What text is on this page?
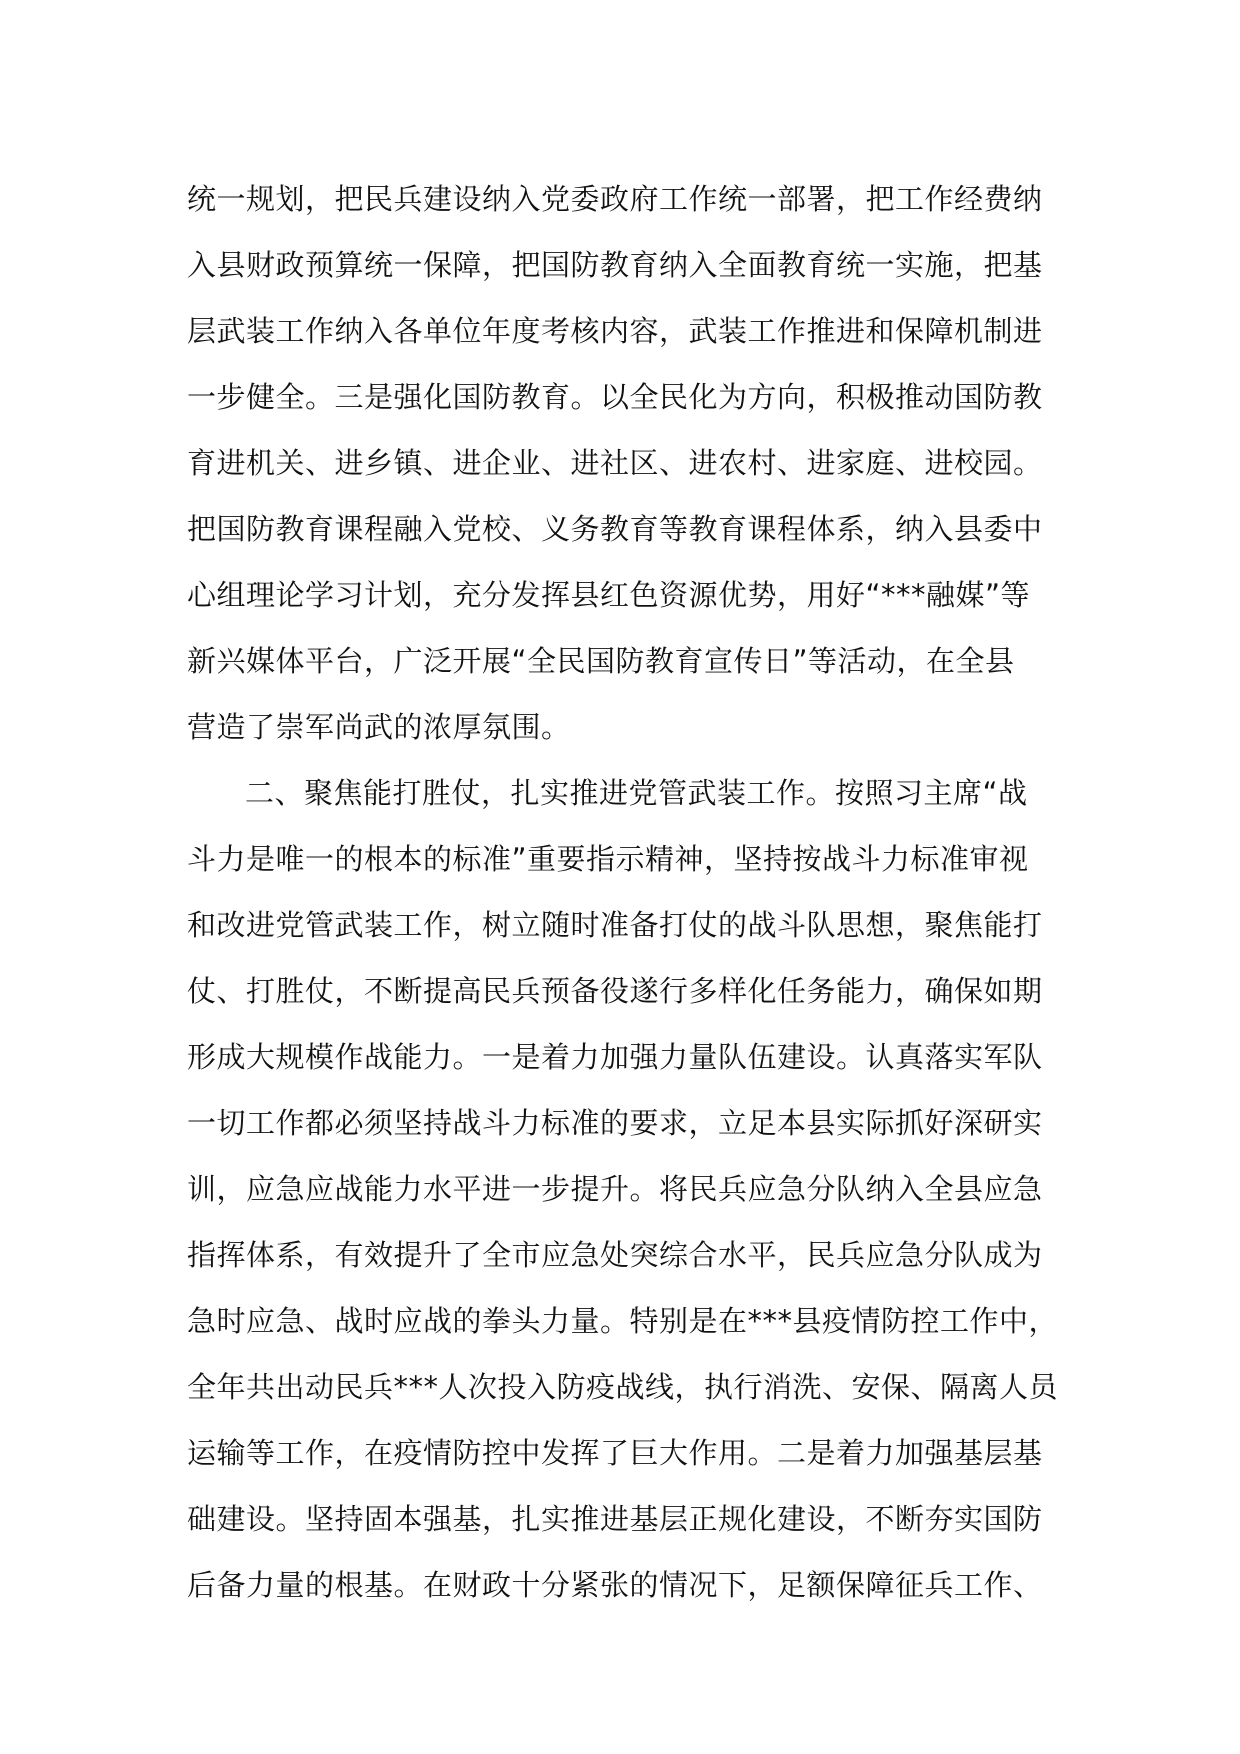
统一规划，把民兵建设纳入党委政府工作统一部署，把工作经费纳
入县财政预算统一保障，把国防教育纳入全面教育统一实施，把基
层武装工作纳入各单位年度考核内容，武装工作推进和保障机制进
一步健全。三是强化国防教育。以全民化为方向，积极推动国防教
育进机关、进乡镇、进企业、进社区、进农村、进家庭、进校园。
把国防教育课程融入党校、义务教育等教育课程体系，纳入县委中
心组理论学习计划，充分发挥县红色资源优势，用好“***融媒”等
新兴媒体平台，广泛开展“全民国防教育宣传日”等活动，在全县
营造了崇军尚武的浓厚氛围。
二、聚焦能打胜仗，扎实推进党管武装工作。按照习主席“战
斗力是唯一的根本的标准”重要指示精神，坚持按战斗力标准审视
和改进党管武装工作，树立随时准备打仗的战斗队思想，聚焦能打
仗、打胜仗，不断提高民兵预备役遂行多样化任务能力，确保如期
形成大规模作战能力。一是着力加强力量队伍建设。认真落实军队
一切工作都必须坚持战斗力标准的要求，立足本县实际抓好深研实
训，应急应战能力水平进一步提升。将民兵应急分队纳入全县应急
指挥体系，有效提升了全市应急处突综合水平，民兵应急分队成为
急时应急、战时应战的拳头力量。特别是在***县疫情防控工作中，
全年共出动民兵***人次投入防疫战线，执行消洗、安保、隔离人员
运输等工作，在疫情防控中发挥了巨大作用。二是着力加强基层基
础建设。坚持固本强基，扎实推进基层正规化建设，不断夯实国防
后备力量的根基。在财政十分紧张的情况下，足额保障征兵工作、
